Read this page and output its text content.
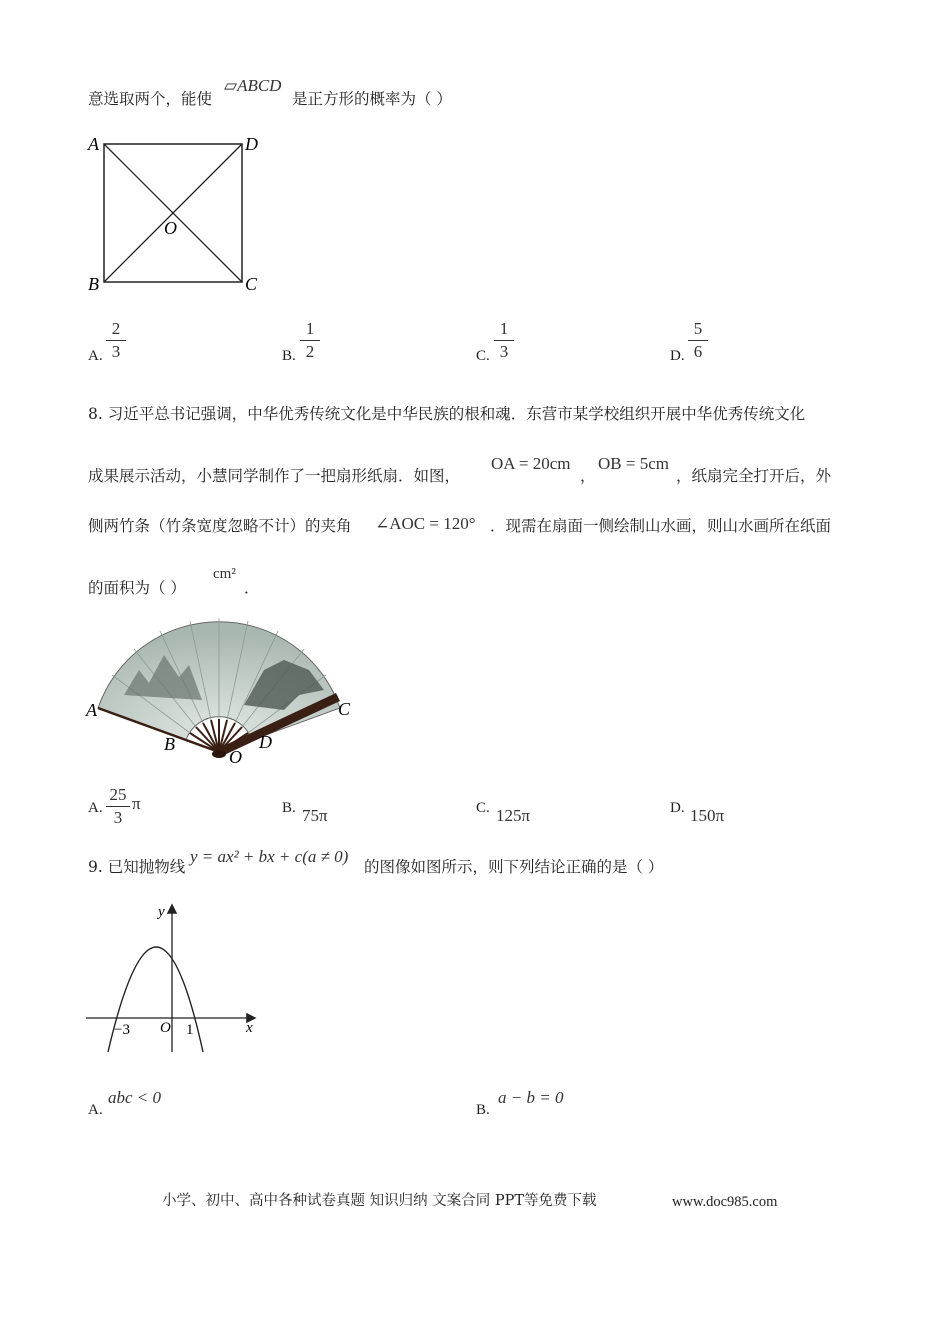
意选取两个，能使
▱ABCD
是正方形的概率为（ ）
A	D
B	C
O
A.
2
3	B.
1
2	C.
1
3	D.
5
6
8. 习近平总书记强调，中华优秀传统文化是中华民族的根和魂．东营市某学校组织开展中华优秀传统文化
成果展示活动，小慧同学制作了一把扇形纸扇．如图，
OA = 20cm
，
OB = 5cm
，纸扇完全打开后，外
侧两竹条（竹条宽度忽略不计）的夹角 ∠AOC = 120° ．现需在扇面一侧绘制山水画，则山水画所在纸面
的面积为（ ）
cm²
．
A
B
C
D
O
A.
25
3
π	B. 75π	C. 125π	D. 150π
9. 已知抛物线
y = ax² + bx + c(a ≠ 0)
的图像如图所示，则下列结论正确的是（ ）
y
x
O
−3	1
A.
abc < 0
B.
a − b = 0
小学、初中、高中各种试卷真题 知识归纳 文案合同 PPT等免费下载	www.doc985.com
